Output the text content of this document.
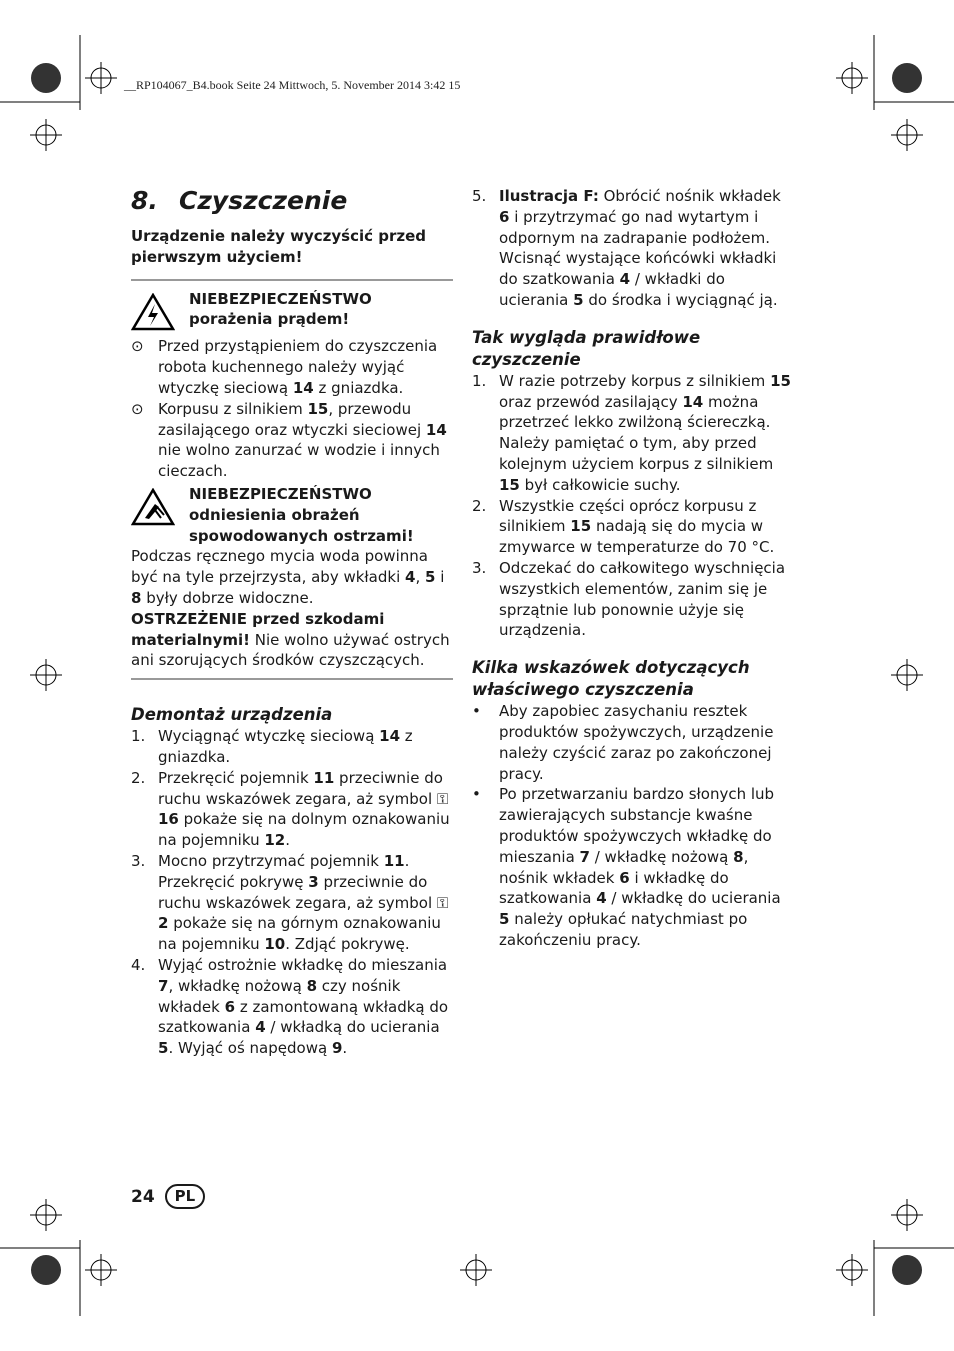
__RP104067_B4.book Seite 24 Mittwoch, 5. November 2014 3:42 15
8. Czyszczenie
Urządzenie należy wyczyścić przed pierwszym użyciem!
NIEBEZPIECZEŃSTWO porażenia prądem!
⊙ Przed przystąpieniem do czyszczenia robota kuchennego należy wyjąć wtyczkę sieciową 14 z gniazdka.
⊙ Korpusu z silnikiem 15, przewodu zasilającego oraz wtyczki sieciowej 14 nie wolno zanurzać w wodzie i innych cieczach.
NIEBEZPIECZEŃSTWO odniesienia obrażeń spowodowanych ostrzami!
Podczas ręcznego mycia woda powinna być na tyle przejrzysta, aby wkładki 4, 5 i 8 były dobrze widoczne.
OSTRZEŻENIE przed szkodami materialnymi! Nie wolno używać ostrych ani szorujących środków czyszczących.
Demontaż urządzenia
1. Wyciągnąć wtyczkę sieciową 14 z gniazdka.
2. Przekręcić pojemnik 11 przeciwnie do ruchu wskazówek zegara, aż symbol ⚿16 pokaże się na dolnym oznakowaniu na pojemniku 12.
3. Mocno przytrzymać pojemnik 11. Przekręcić pokrywę 3 przeciwnie do ruchu wskazówek zegara, aż symbol ⚿2 pokaże się na górnym oznakowaniu na pojemniku 10. Zdjąć pokrywę.
4. Wyjąć ostrożnie wkładkę do mieszania 7, wkładkę nożową 8 czy nośnik wkładek 6 z zamontowaną wkładką do szatkowania 4 / wkładką do ucierania 5. Wyjąć oś napędową 9.
5. Ilustracja F: Obrócić nośnik wkładek 6 i przytrzymać go nad wytartym i odpornym na zadrapanie podłożem. Wcisnąć wystające końcówki wkładki do szatkowania 4 / wkładki do ucierania 5 do środka i wyciągnąć ją.
Tak wygląda prawidłowe czyszczenie
1. W razie potrzeby korpus z silnikiem 15 oraz przewód zasilający 14 można przetrzeć lekko zwilżoną ściereczką. Należy pamiętać o tym, aby przed kolejnym użyciem korpus z silnikiem 15 był całkowicie suchy.
2. Wszystkie części oprócz korpusu z silnikiem 15 nadają się do mycia w zmywarce w temperaturze do 70 °C.
3. Odczekać do całkowitego wyschnięcia wszystkich elementów, zanim się je sprzątnie lub ponownie użyje się urządzenia.
Kilka wskazówek dotyczących właściwego czyszczenia
•	Aby zapobiec zasychaniu resztek produktów spożywczych, urządzenie należy czyścić zaraz po zakończonej pracy.
•	Po przetwarzaniu bardzo słonych lub zawierających substancje kwaśne produktów spożywczych wkładkę do mieszania 7 / wkładkę nożową 8, nośnik wkładek 6 i wkładkę do szatkowania 4 / wkładkę do ucierania 5 należy opłukać natychmiast po zakończeniu pracy.
24	PL
